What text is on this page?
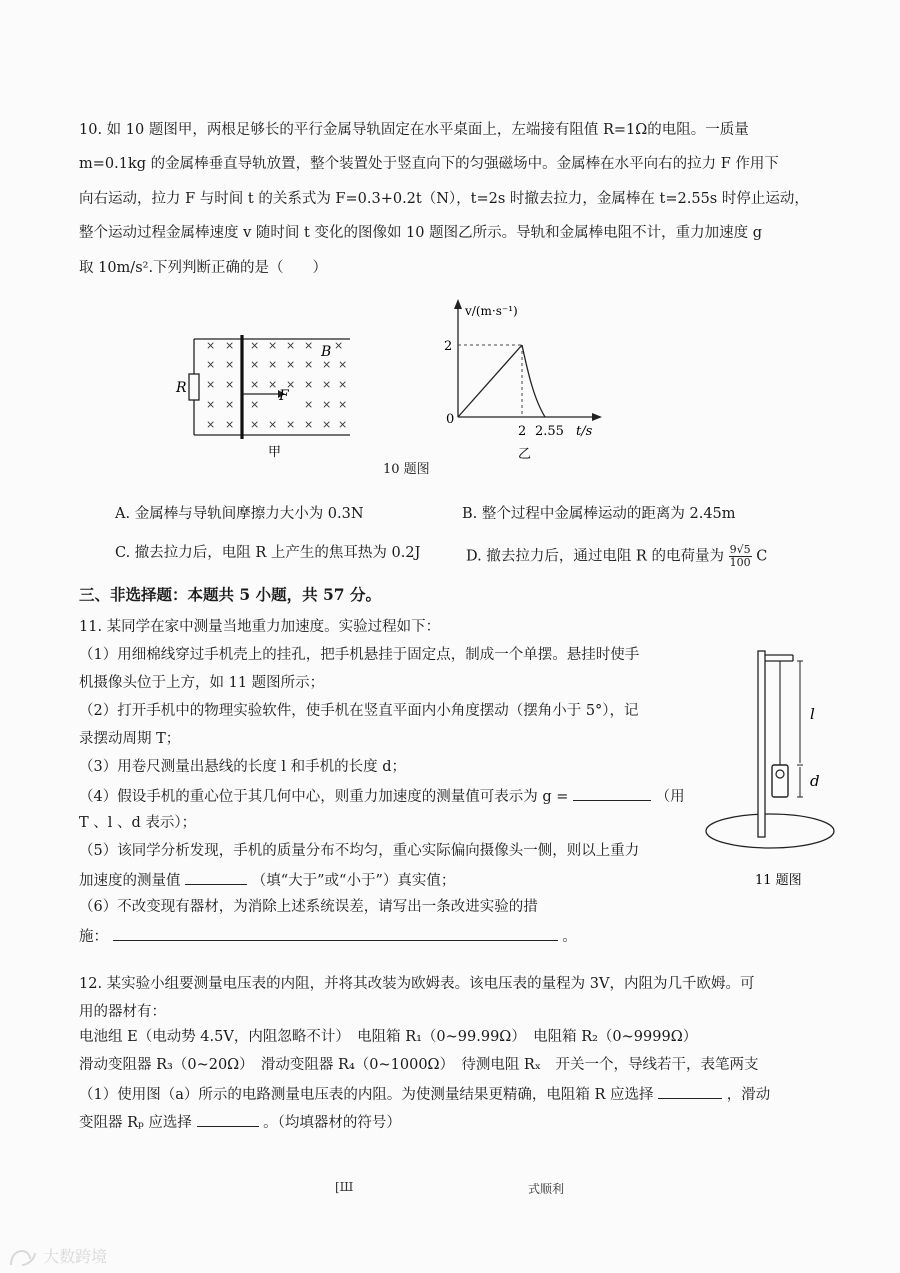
10. 如 10 题图甲，两根足够长的平行金属导轨固定在水平桌面上，左端接有阻值 R=1Ω的电阻。一质量
m=0.1kg 的金属棒垂直导轨放置，整个装置处于竖直向下的匀强磁场中。金属棒在水平向右的拉力 F 作用下
向右运动，拉力 F 与时间 t 的关系式为 F=0.3+0.2t（N），t=2s 时撤去拉力，金属棒在 t=2.55s 时停止运动，
整个运动过程金属棒速度 v 随时间 t 变化的图像如 10 题图乙所示。导轨和金属棒电阻不计，重力加速度 g
取 10m/s².下列判断正确的是（　　）
R
× × × × × × ×
× × × × × × × ×
× × × × × × × ×
× × ×	× × ×
× × × × × × × ×
B
F
甲
v/(m·s⁻¹)
2
0
2 2.55 t/s
乙
10 题图
A. 金属棒与导轨间摩擦力大小为 0.3N	B. 整个过程中金属棒运动的距离为 2.45m
C. 撤去拉力后，电阻 R 上产生的焦耳热为 0.2J	D. 撤去拉力后，通过电阻 R 的电荷量为 $\frac{9√5}{100}$ C
三、非选择题：本题共 5 小题，共 57 分。
11. 某同学在家中测量当地重力加速度。实验过程如下：
（1）用细棉线穿过手机壳上的挂孔，把手机悬挂于固定点，制成一个单摆。悬挂时使手
机摄像头位于上方，如 11 题图所示；
（2）打开手机中的物理实验软件，使手机在竖直平面内小角度摆动（摆角小于 5°），记
录摆动周期 T；
（3）用卷尺测量出悬线的长度 l 和手机的长度 d；
（4）假设手机的重心位于其几何中心，则重力加速度的测量值可表示为 g =	（用
T 、l 、d 表示）；
（5）该同学分析发现，手机的质量分布不均匀，重心实际偏向摄像头一侧，则以上重力
加速度的测量值	（填“大于”或“小于”）真实值；
（6）不改变现有器材，为消除上述系统误差，请写出一条改进实验的措
施：	。
l
d
11 题图
12. 某实验小组要测量电压表的内阻，并将其改装为欧姆表。该电压表的量程为 3V，内阻为几千欧姆。可
用的器材有：
电池组 E（电动势 4.5V，内阻忽略不计）　电阻箱 R₁（0~99.99Ω）　电阻箱 R₂（0~9999Ω）
滑动变阻器 R₃（0~20Ω）　滑动变阻器 R₄（0~1000Ω）　待测电阻 Rₓ　开关一个，导线若干，表笔两支
（1）使用图（a）所示的电路测量电压表的内阻。为使测量结果更精确，电阻箱 R 应选择	，滑动
变阻器 Rₚ 应选择	。（均填器材的符号）
[Ш	式顺利
大数跨境
